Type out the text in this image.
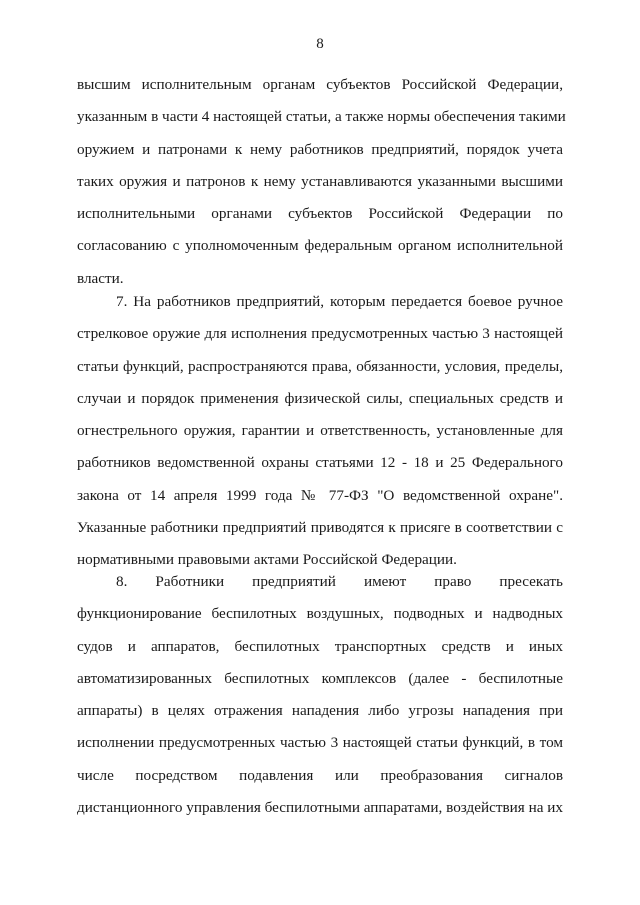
8
высшим исполнительным органам субъектов Российской Федерации,
указанным в части 4 настоящей статьи, а также нормы обеспечения такими
оружием и патронами к нему работников предприятий, порядок учета
таких оружия и патронов к нему устанавливаются указанными высшими
исполнительными органами субъектов Российской Федерации по
согласованию с уполномоченным федеральным органом исполнительной
власти.
7. На работников предприятий, которым передается боевое ручное
стрелковое оружие для исполнения предусмотренных частью 3 настоящей
статьи функций, распространяются права, обязанности, условия, пределы,
случаи и порядок применения физической силы, специальных средств и
огнестрельного оружия, гарантии и ответственность, установленные для
работников ведомственной охраны статьями 12 - 18 и 25 Федерального
закона от 14 апреля 1999 года № 77-ФЗ "О ведомственной охране".
Указанные работники предприятий приводятся к присяге в соответствии с
нормативными правовыми актами Российской Федерации.
8. Работники предприятий имеют право пресекать
функционирование беспилотных воздушных, подводных и надводных
судов и аппаратов, беспилотных транспортных средств и иных
автоматизированных беспилотных комплексов (далее - беспилотные
аппараты) в целях отражения нападения либо угрозы нападения при
исполнении предусмотренных частью 3 настоящей статьи функций, в том
числе посредством подавления или преобразования сигналов
дистанционного управления беспилотными аппаратами, воздействия на их
